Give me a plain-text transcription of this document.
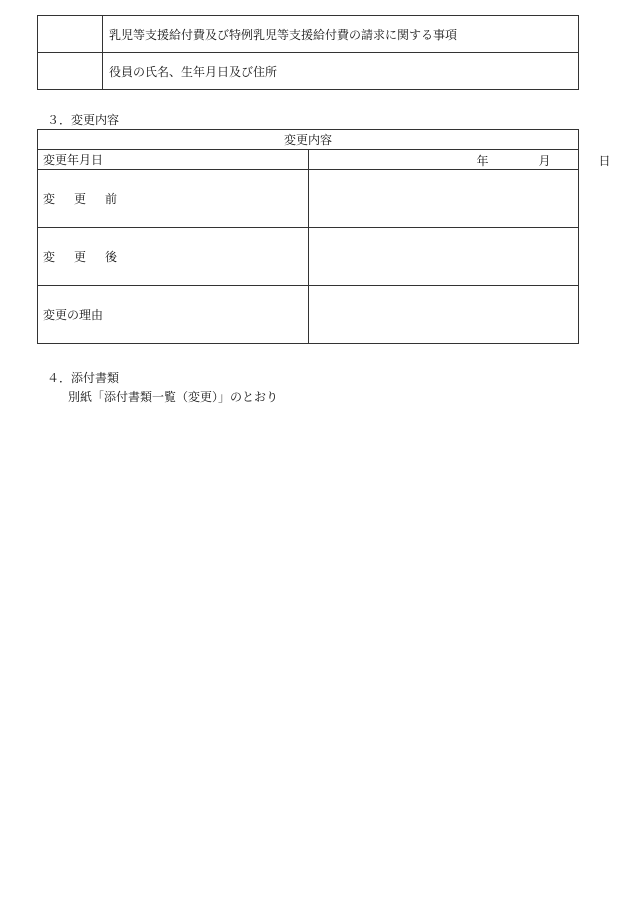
	乳児等支援給付費及び特例乳児等支援給付費の請求に関する事項
	役員の氏名、生年月日及び住所
３．変更内容
変更内容	
変更年月日	年 月 日

変 更 前	
変 更 後	
変更の理由	
４．添付書類
別紙「添付書類一覧（変更）」のとおり
